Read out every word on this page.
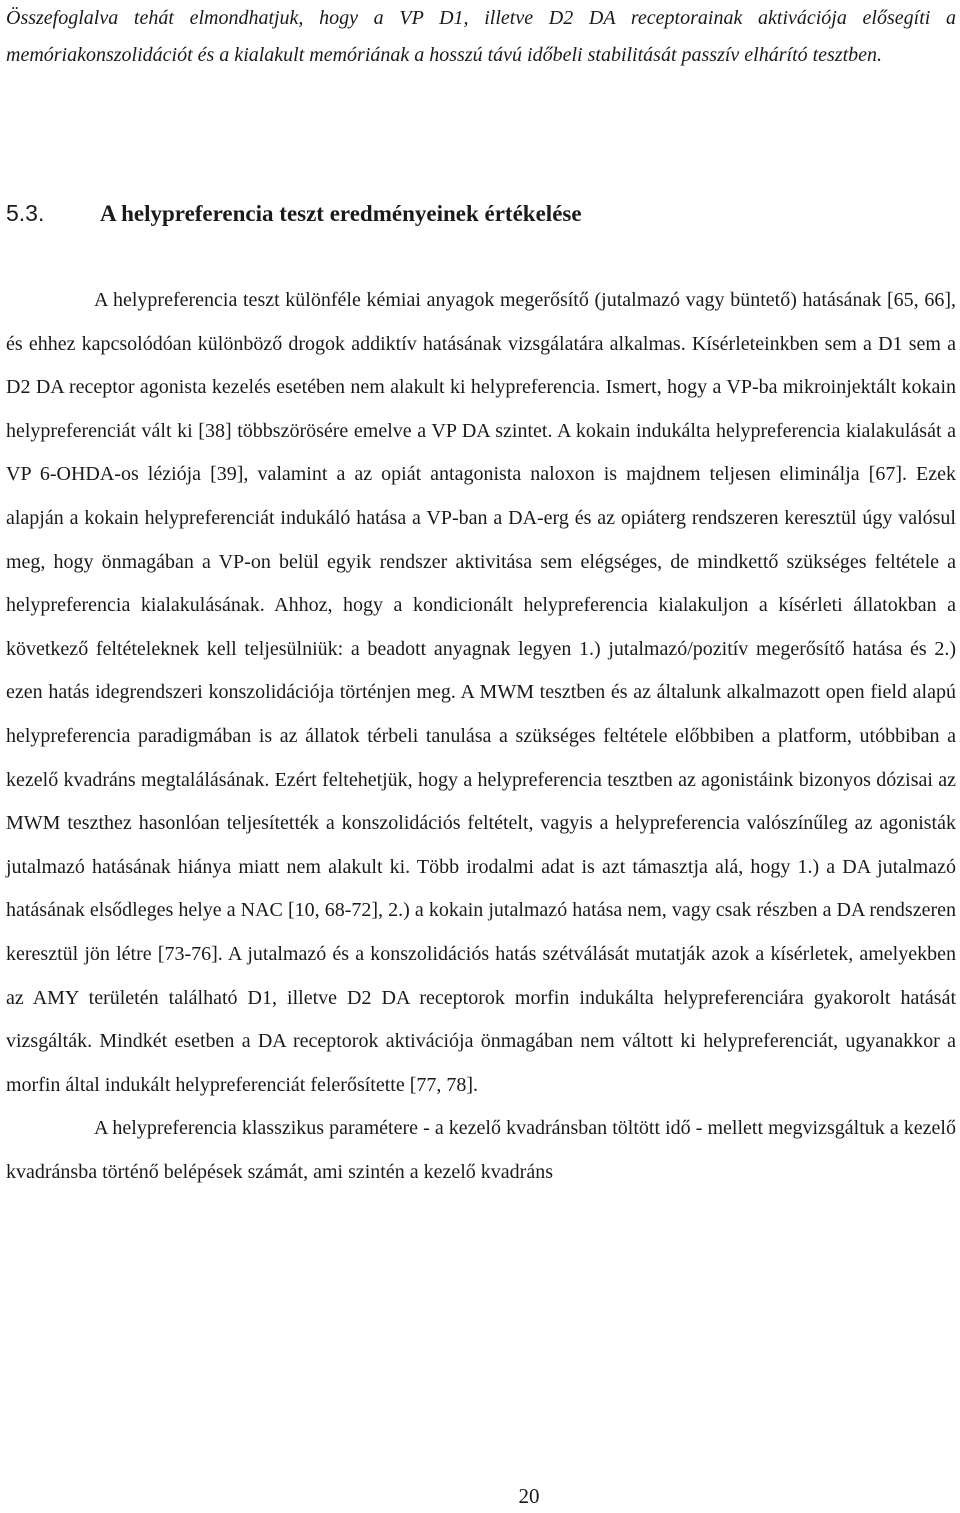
Összefoglalva tehát elmondhatjuk, hogy a VP D1, illetve D2 DA receptorainak aktivációja elősegíti a memóriakonszolidációt és a kialakult memóriának a hosszú távú időbeli stabilitását passzív elhárító tesztben.
5.3. A helypreferencia teszt eredményeinek értékelése

A helypreferencia teszt különféle kémiai anyagok megerősítő (jutalmazó vagy büntető) hatásának [65, 66], és ehhez kapcsolódóan különböző drogok addiktív hatásának vizsgálatára alkalmas. Kísérleteinkben sem a D1 sem a D2 DA receptor agonista kezelés esetében nem alakult ki helypreferencia. Ismert, hogy a VP-ba mikroinjektált kokain helypreferenciát vált ki [38] többszörösére emelve a VP DA szintet. A kokain indukálta helypreferencia kialakulását a VP 6-OHDA-os léziója [39], valamint a az opiát antagonista naloxon is majdnem teljesen eliminálja [67]. Ezek alapján a kokain helypreferenciát indukáló hatása a VP-ban a DA-erg és az opiáterg rendszeren keresztül úgy valósul meg, hogy önmagában a VP-on belül egyik rendszer aktivitása sem elégséges, de mindkettő szükséges feltétele a helypreferencia kialakulásának. Ahhoz, hogy a kondicionált helypreferencia kialakuljon a kísérleti állatokban a következő feltételeknek kell teljesülniük: a beadott anyagnak legyen 1.) jutalmazó/pozitív megerősítő hatása és 2.) ezen hatás idegrendszeri konszolidációja történjen meg. A MWM tesztben és az általunk alkalmazott open field alapú helypreferencia paradigmában is az állatok térbeli tanulása a szükséges feltétele előbbiben a platform, utóbbiban a kezelő kvadráns megtalálásának. Ezért feltehetjük, hogy a helypreferencia tesztben az agonistáink bizonyos dózisai az MWM teszthez hasonlóan teljesítették a konszolidációs feltételt, vagyis a helypreferencia valószínűleg az agonisták jutalmazó hatásának hiánya miatt nem alakult ki. Több irodalmi adat is azt támasztja alá, hogy 1.) a DA jutalmazó hatásának elsődleges helye a NAC [10, 68-72], 2.) a kokain jutalmazó hatása nem, vagy csak részben a DA rendszeren keresztül jön létre [73-76]. A jutalmazó és a konszolidációs hatás szétválását mutatják azok a kísérletek, amelyekben az AMY területén található D1, illetve D2 DA receptorok morfin indukálta helypreferenciára gyakorolt hatását vizsgálták. Mindkét esetben a DA receptorok aktivációja önmagában nem váltott ki helypreferenciát, ugyanakkor a morfin által indukált helypreferenciát felerősítette [77, 78].

A helypreferencia klasszikus paramétere - a kezelő kvadránsban töltött idő - mellett megvizsgáltuk a kezelő kvadránsba történő belépések számát, ami szintén a kezelő kvadráns

20
